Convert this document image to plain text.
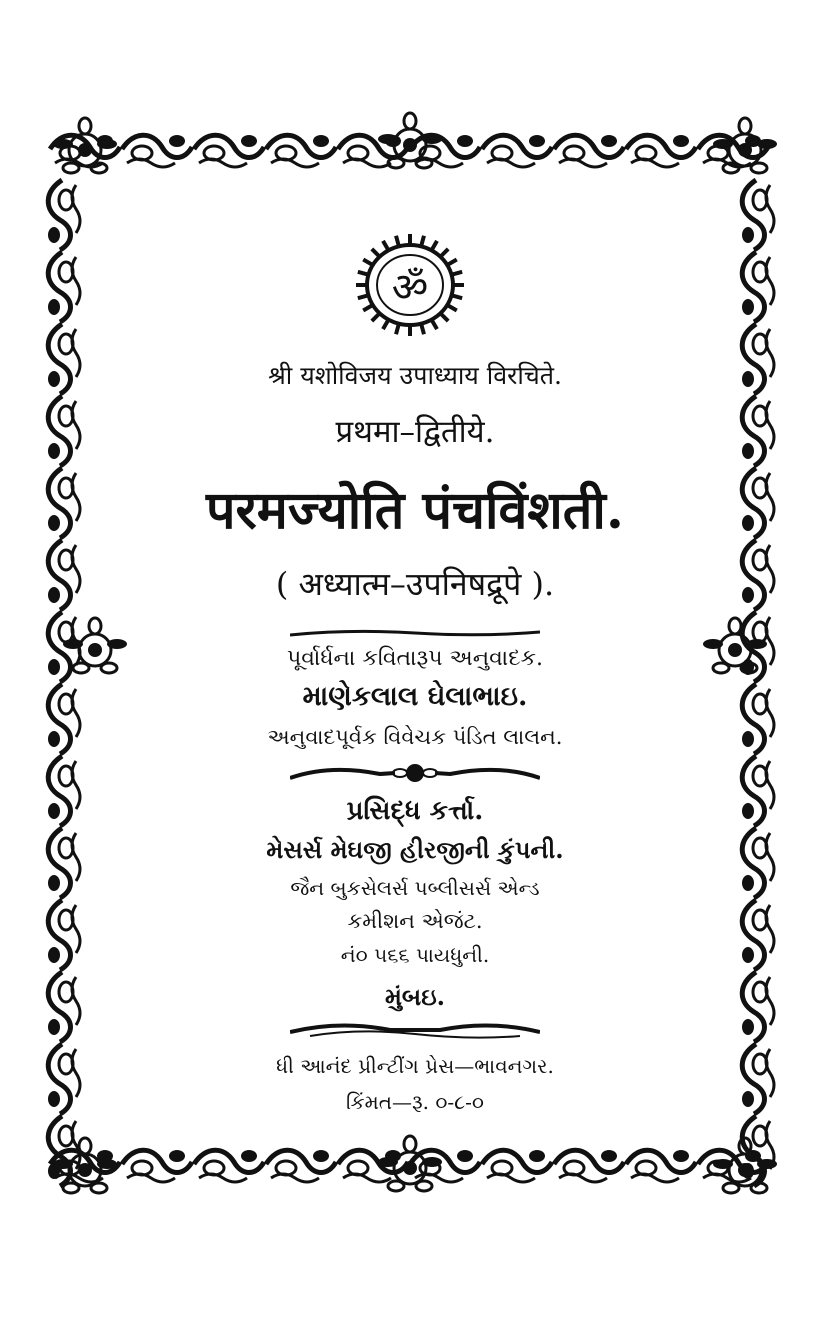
ॐ
श्री यशोविजय उपाध्याय विरचिते.
प्रथमा–द्वितीये.
परमज्योति पंचविंशती.
( अध्यात्म–उपनिषद्रूपे ).
પૂર્વાર્ધના કવિતારૂપ અનુવાદક.
માણેકલાલ ઘેલાભાઇ.
અનુવાદપૂર્વક વિવેચક પંડિત લાલન.
પ્રસિદ્ધ કર્ત્તા.
મેસર્સ મેઘજી હીરજીની કુંપની.
જૈન બુકસેલર્સ પબ્લીસર્સ એન્ડ
કમીશન એજંટ.
નં૦ ૫૬૬ પાયધુની.
મુંબઇ.
ધી આનંદ પ્રીન્ટીંગ પ્રેસ—ભાવનગર.
કિંમત—રૂ. ૦-૮-૦
